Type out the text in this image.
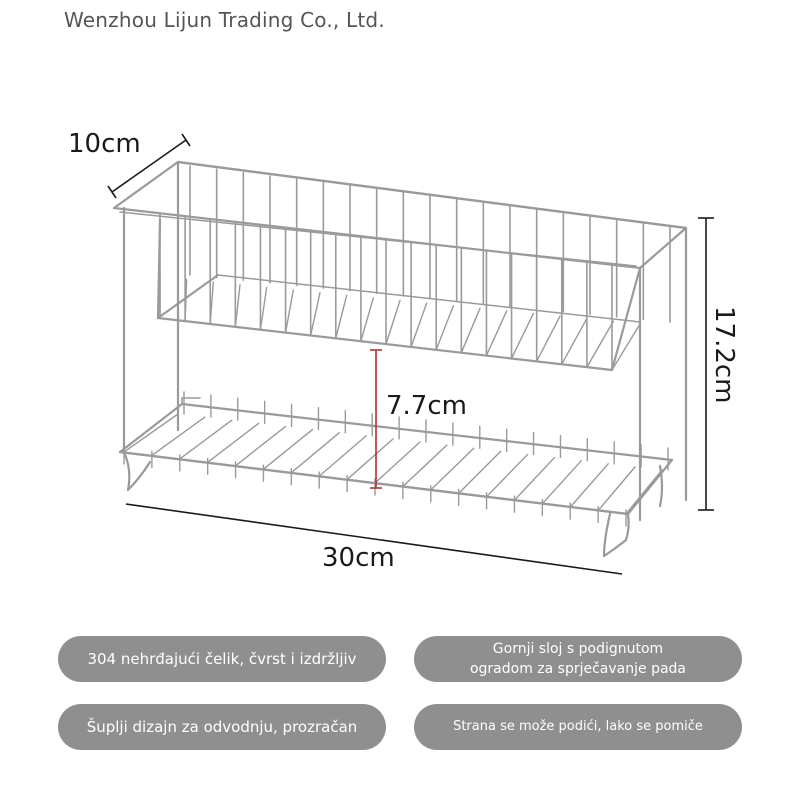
Wenzhou Lijun Trading Co., Ltd.
10cm
30cm
7.7cm
17.2cm
304 nehrđajući čelik, čvrst i izdržljiv
Gornji sloj s podignutom
ogradom za sprječavanje pada
Šuplji dizajn za odvodnju, prozračan	Strana se može podići, lako se pomiče
